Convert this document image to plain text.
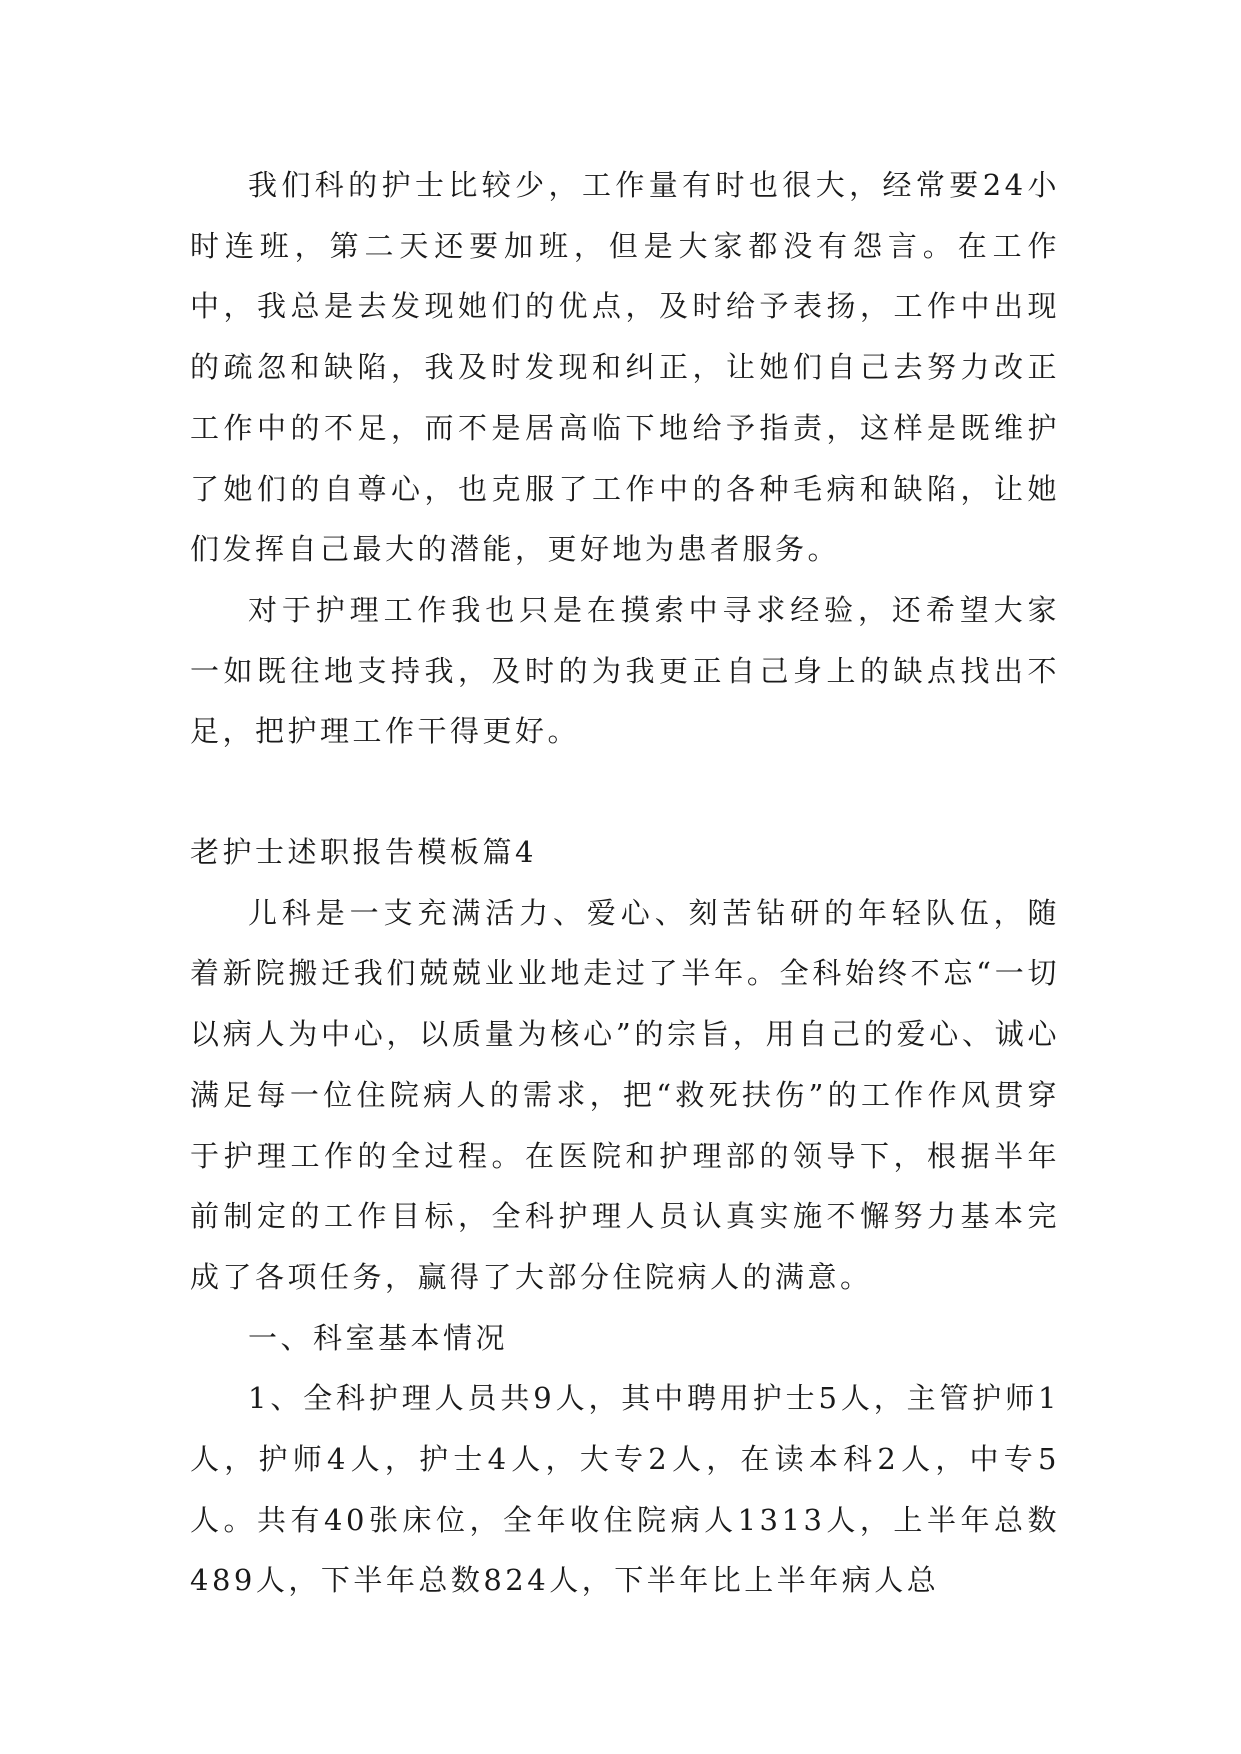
我们科的护士比较少，工作量有时也很大，经常要24小时连班，第二天还要加班，但是大家都没有怨言。在工作中，我总是去发现她们的优点，及时给予表扬，工作中出现的疏忽和缺陷，我及时发现和纠正，让她们自己去努力改正工作中的不足，而不是居高临下地给予指责，这样是既维护了她们的自尊心，也克服了工作中的各种毛病和缺陷，让她们发挥自己最大的潜能，更好地为患者服务。

对于护理工作我也只是在摸索中寻求经验，还希望大家一如既往地支持我，及时的为我更正自己身上的缺点找出不足，把护理工作干得更好。

老护士述职报告模板篇4

儿科是一支充满活力、爱心、刻苦钻研的年轻队伍，随着新院搬迁我们兢兢业业地走过了半年。全科始终不忘“一切以病人为中心，以质量为核心”的宗旨，用自己的爱心、诚心满足每一位住院病人的需求，把“救死扶伤”的工作作风贯穿于护理工作的全过程。在医院和护理部的领导下，根据半年前制定的工作目标，全科护理人员认真实施不懈努力基本完成了各项任务，赢得了大部分住院病人的满意。

一、科室基本情况

1、全科护理人员共9人，其中聘用护士5人，主管护师1人，护师4人，护士4人，大专2人，在读本科2人，中专5人。共有40张床位，全年收住院病人1313人，上半年总数489人，下半年总数824人，下半年比上半年病人总
